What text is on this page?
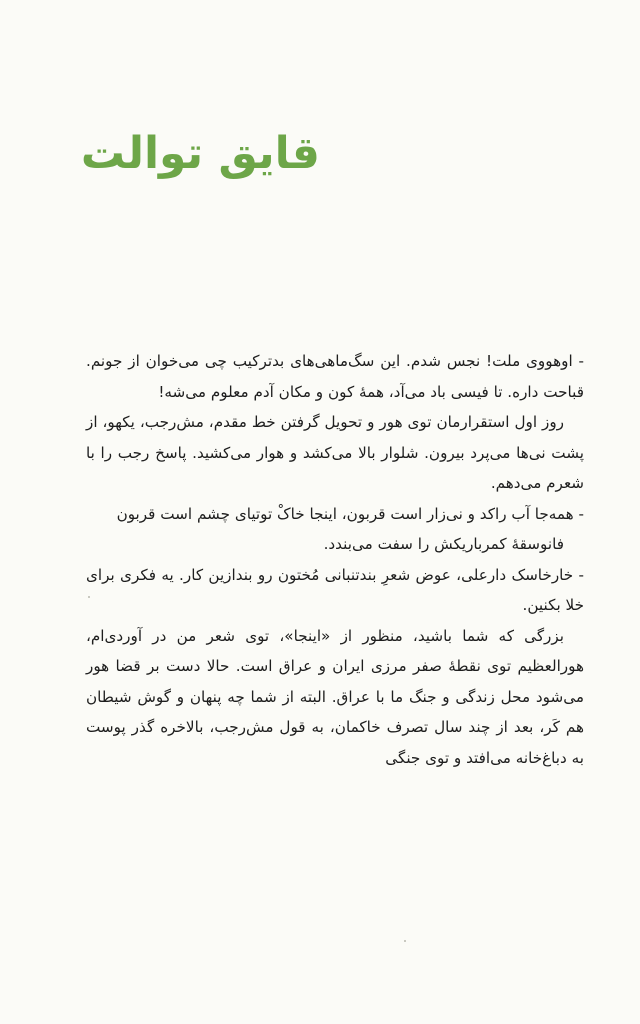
قایق توالت

- اوهووی ملت! نجس شدم. این سگ‌ماهی‌های بدترکیب چی می‌خوان از جونم. قباحت داره. تا فیسی باد می‌آد، همهٔ کون و مکان آدم معلوم می‌شه!

روز اول استقرارمان توی هور و تحویل گرفتن خط مقدم، مش‌رجب، یکهو، از پشت نی‌ها می‌پرد بیرون. شلوار بالا می‌کشد و هوار می‌کشید. پاسخ رجب را با شعرم می‌دهم.

- همه‌جا آب راکد و نی‌زار است قربون، اینجا خاکْ توتیای چشم است قربون

فانوسقهٔ کمرباریکش را سفت می‌بندد.

- خارخاسک دارعلی، عوض شعرِ بندتنبانی مُختون رو بندازین کار. یه فکری برای خلا بکنین.

بزرگی که شما باشید، منظور از «اینجا»، توی شعر من در آوردی‌ام، هورالعظیم توی نقطهٔ صفر مرزی ایران و عراق است. حالا دست بر قضا هور می‌شود محل زندگی و جنگ ما با عراق. البته از شما چه پنهان و گوش شیطان هم کَر، بعد از چند سال تصرف خاکمان، به قول مش‌رجب، بالاخره گذر پوست به دباغ‌خانه می‌افتد و توی جنگی
